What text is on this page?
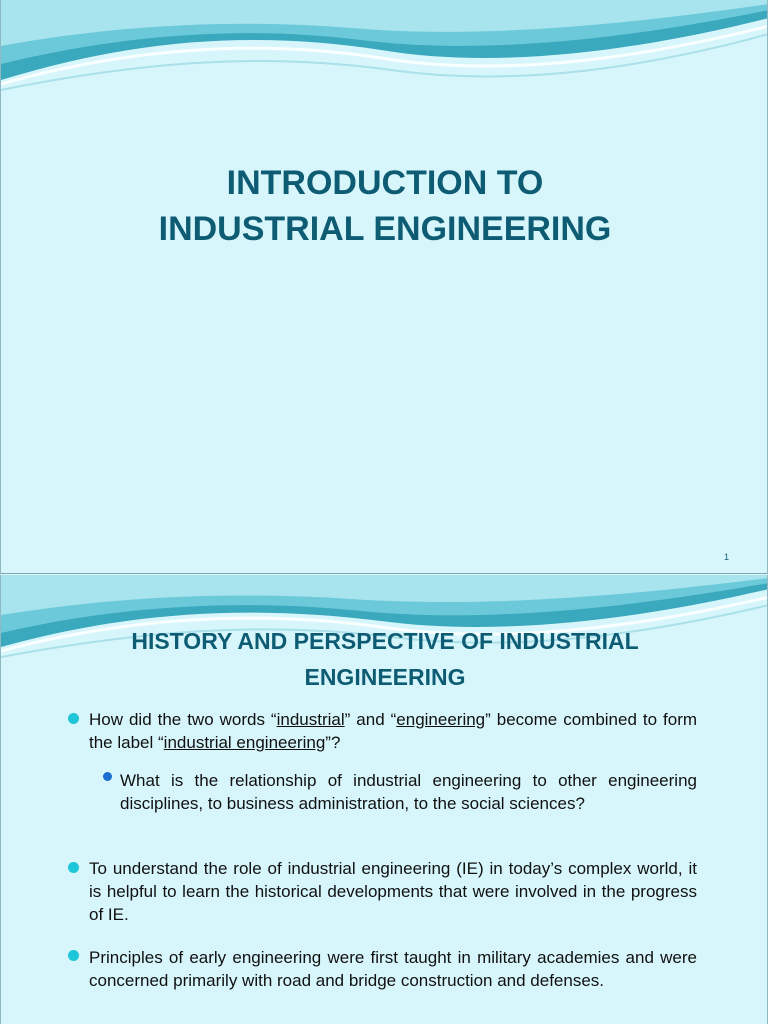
INTRODUCTION TO
INDUSTRIAL ENGINEERING
1
HISTORY AND PERSPECTIVE OF INDUSTRIAL
ENGINEERING
How did the two words “industrial” and “engineering” become combined to form the label “industrial engineering”?
What is the relationship of industrial engineering to other engineering disciplines, to business administration, to the social sciences?
To understand the role of industrial engineering (IE) in today’s complex world, it is helpful to learn the historical developments that were involved in the progress of IE.
Principles of early engineering were first taught in military academies and were concerned primarily with road and bridge construction and defenses.
